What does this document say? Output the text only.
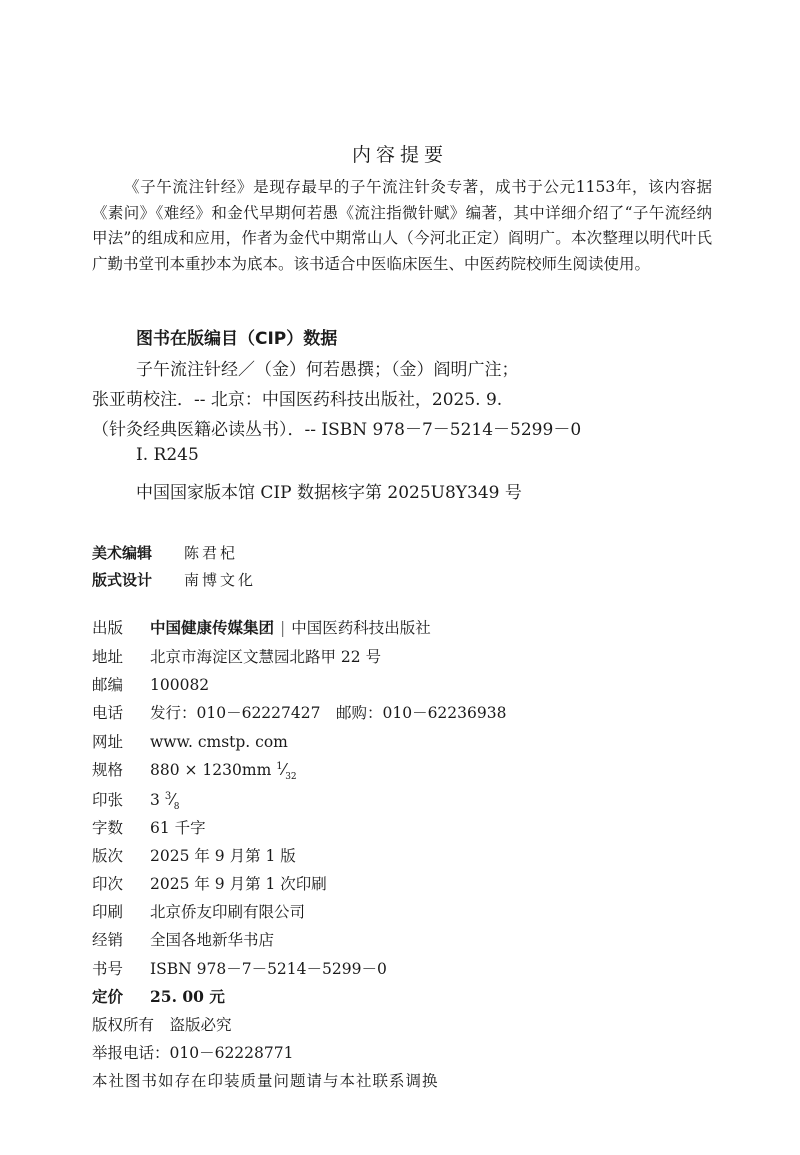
内容提要
《子午流注针经》是现存最早的子午流注针灸专著，成书于公元1153年，该内容据《素问》《难经》和金代早期何若愚《流注指微针赋》编著，其中详细介绍了“子午流经纳甲法”的组成和应用，作者为金代中期常山人（今河北正定）阎明广。本次整理以明代叶氏广勤书堂刊本重抄本为底本。该书适合中医临床医生、中医药院校师生阅读使用。
图书在版编目（CIP）数据
子午流注针经／（金）何若愚撰；（金）阎明广注；
张亚萌校注．-- 北京：中国医药科技出版社，2025. 9.
（针灸经典医籍必读丛书）．-- ISBN 978－7－5214－5299－0
Ⅰ. R245
中国国家版本馆 CIP 数据核字第 2025U8Y349 号
美术编辑 陈君杞
版式设计 南博文化
出版 中国健康传媒集团 | 中国医药科技出版社
地址 北京市海淀区文慧园北路甲 22 号
邮编 100082
电话 发行：010－62227427　邮购：010－62236938
网址 www. cmstp. com
规格 880 × 1230mm $^1⁄_{32}$
印张 3 $^3⁄_8$
字数 61 千字
版次 2025 年 9 月第 1 版
印次 2025 年 9 月第 1 次印刷
印刷 北京侨友印刷有限公司
经销 全国各地新华书店
书号 ISBN 978－7－5214－5299－0
定价 25. 00 元
版权所有　盗版必究
举报电话：010－62228771
本社图书如存在印装质量问题请与本社联系调换
